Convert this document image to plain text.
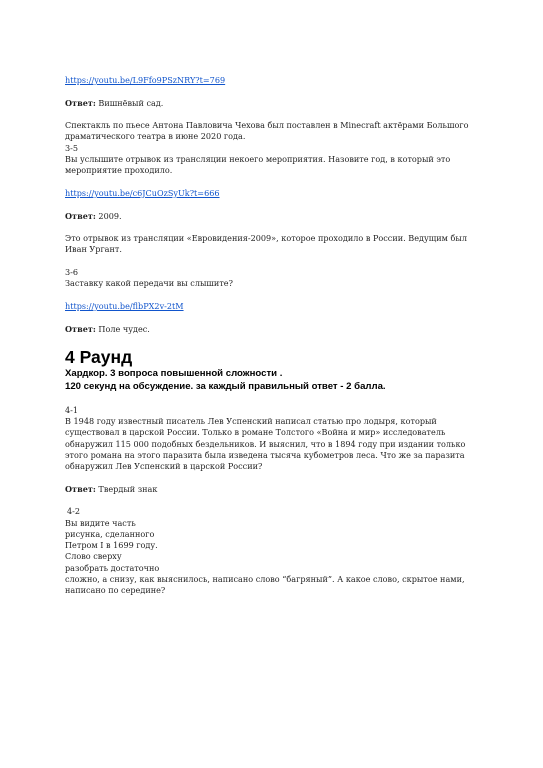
https://youtu.be/L9Ffo9PSzNRY?t=769

Ответ: Вишнёвый сад.

Спектакль по пьесе Антона Павловича Чехова был поставлен в Minecraft актёрами Большого драматического театра в июне 2020 года.

3-5

Вы услышите отрывок из трансляции некоего мероприятия. Назовите год, в который это мероприятие проходило.

https://youtu.be/c6JCuOzSyUk?t=666

Ответ: 2009.

Это отрывок из трансляции «Евровидения-2009», которое проходило в России. Ведущим был Иван Ургант.

3-6

Заставку какой передачи вы слышите?

https://youtu.be/flbPX2v-2tM

Ответ: Поле чудес.

4 Раунд

Хардкор. 3 вопроса повышенной сложности .

120 секунд на обсуждение. за каждый правильный ответ - 2 балла.

4-1

В 1948 году известный писатель Лев Успенский написал статью про лодыря, который существовал в царской России. Только в романе Толстого «Война и мир» исследователь обнаружил 115 000 подобных бездельников. И выяснил, что в 1894 году при издании только этого романа на этого паразита была изведена тысяча кубометров леса. Что же за паразита обнаружил Лев Успенский в царской России?

Ответ: Твердый знак

4-2

Вы видите часть

рисунка, сделанного

Петром I в 1699 году.

Слово сверху

разобрать достаточно

сложно, а снизу, как выяснилось, написано слово “багряный”. А какое слово, скрытое нами,

написано по середине?
